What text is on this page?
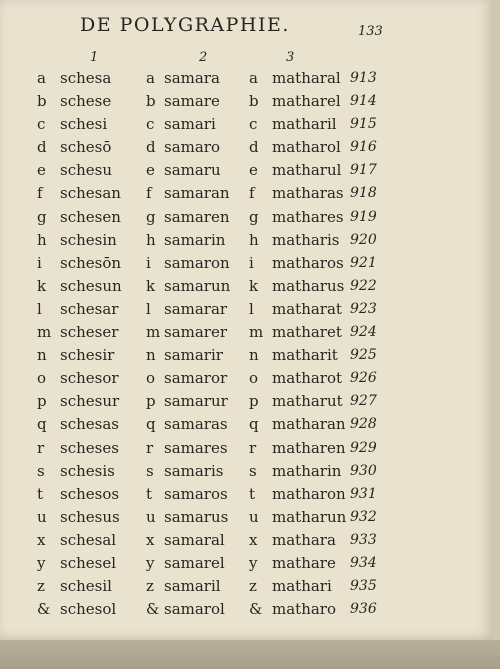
DE POLYGRAPHIE.	133
1	2	3
a schesa a samara a matharal 913
b schese b samare b matharel 914
c schesi	c samari c matharil 915
d schesō d samaro d matharol 916
e schesu e samaru e matharul 917
f schesan f samaran f matharas 918
g schesen g samaren g mathares 919
h schesin h samarin h matharis 920
i schesōn i samaron i matharos 921
k schesun k samarun k matharus 922
l schesar l samarar l matharat 923
m scheser m samarer m matharet 924
n schesir n samarir n matharit 925
o schesor o samaror o matharot 926
p schesur p samarur p matharut 927
q schesas q samaras q matharan 928
r scheses r samares r matharen 929
s schesis s samaris s matharin 930
t schesos t samaros t matharon 931
u schesus u samarus u matharun 932
x schesal x samaral x mathara 933
y schesel y samarel y mathare 934
z schesil z samaril z mathari 935
& schesol & samarol & matharo 936
